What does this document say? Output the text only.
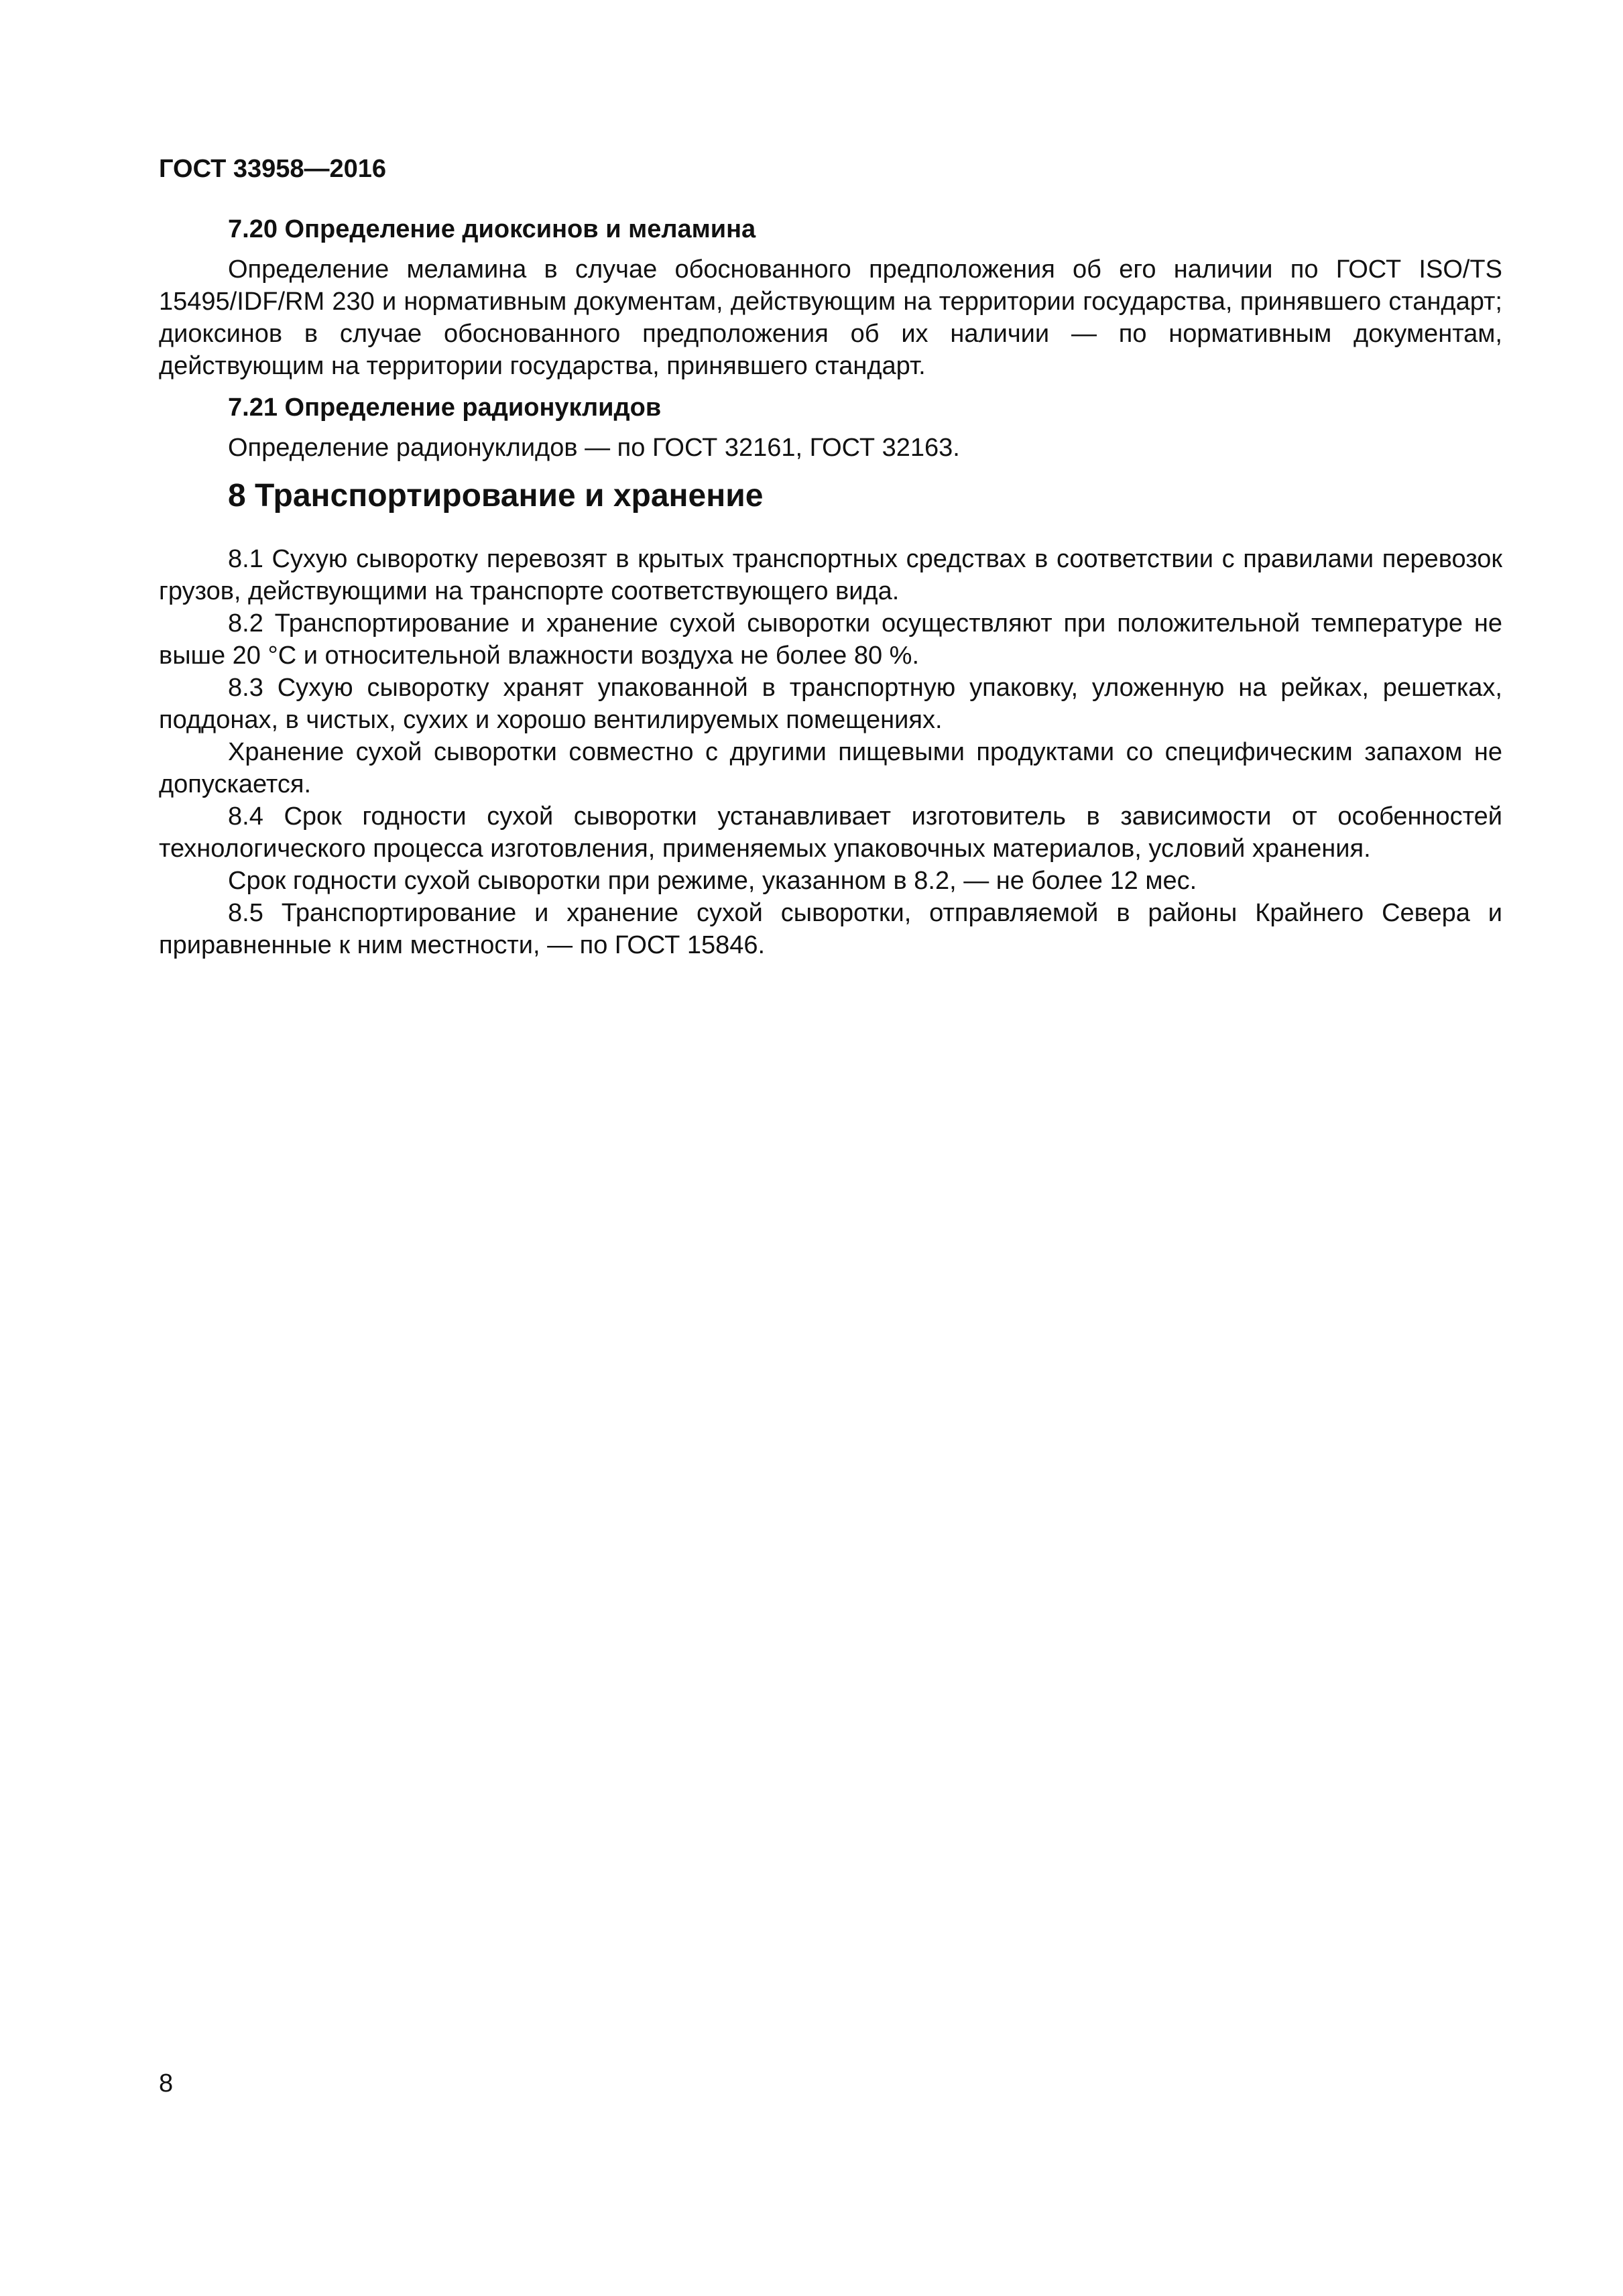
ГОСТ 33958—2016
7.20 Определение диоксинов и меламина

Определение меламина в случае обоснованного предположения об его наличии по ГОСТ ISO/TS 15495/IDF/RM 230 и нормативным документам, действующим на территории государства, принявшего стандарт; диоксинов в случае обоснованного предположения об их наличии — по нормативным документам, действующим на территории государства, принявшего стандарт.

7.21 Определение радионуклидов

Определение радионуклидов — по ГОСТ 32161, ГОСТ 32163.

8 Транспортирование и хранение

8.1 Сухую сыворотку перевозят в крытых транспортных средствах в соответствии с правилами перевозок грузов, действующими на транспорте соответствующего вида.

8.2 Транспортирование и хранение сухой сыворотки осуществляют при положительной температуре не выше 20 °С и относительной влажности воздуха не более 80 %.

8.3 Сухую сыворотку хранят упакованной в транспортную упаковку, уложенную на рейках, решетках, поддонах, в чистых, сухих и хорошо вентилируемых помещениях.

Хранение сухой сыворотки совместно с другими пищевыми продуктами со специфическим запахом не допускается.

8.4 Срок годности сухой сыворотки устанавливает изготовитель в зависимости от особенностей технологического процесса изготовления, применяемых упаковочных материалов, условий хранения.

Срок годности сухой сыворотки при режиме, указанном в 8.2, — не более 12 мес.

8.5 Транспортирование и хранение сухой сыворотки, отправляемой в районы Крайнего Севера и приравненные к ним местности, — по ГОСТ 15846.

8
